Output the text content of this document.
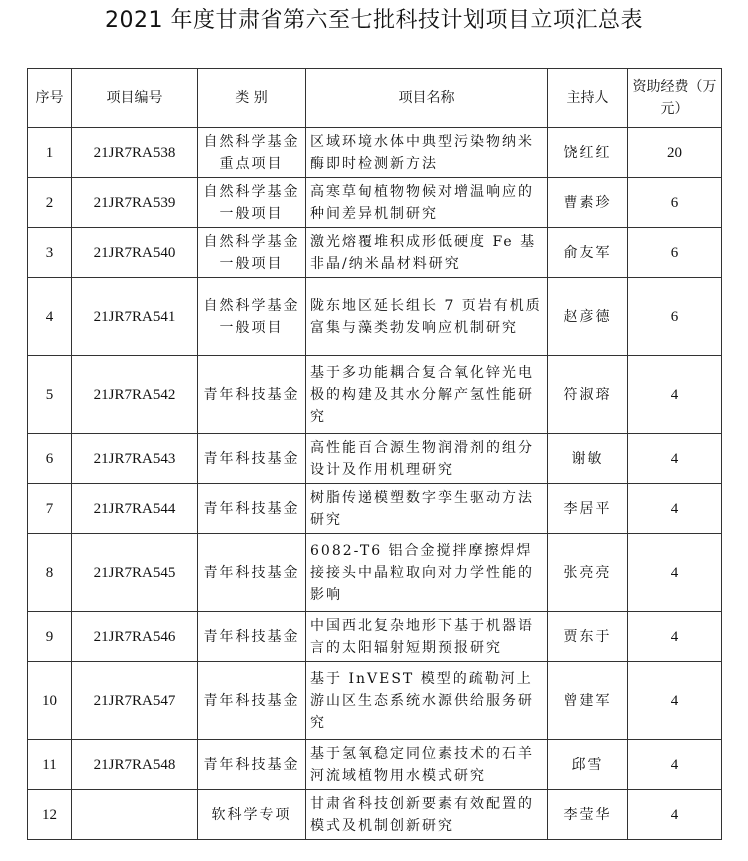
2021 年度甘肃省第六至七批科技计划项目立项汇总表
序号	项目编号	类 别	项目名称	主持人	资助经费（万元）
1	21JR7RA538	自然科学基金重点项目	区域环境水体中典型污染物纳米酶即时检测新方法	饶红红	20
2	21JR7RA539	自然科学基金一般项目	高寒草甸植物物候对增温响应的种间差异机制研究	曹素珍	6
3	21JR7RA540	自然科学基金一般项目	激光熔覆堆积成形低硬度 Fe 基非晶/纳米晶材料研究	俞友军	6
4	21JR7RA541	自然科学基金一般项目	陇东地区延长组长 7 页岩有机质富集与藻类勃发响应机制研究	赵彦德	6
5	21JR7RA542	青年科技基金	基于多功能耦合复合氧化锌光电极的构建及其水分解产氢性能研究	符淑瑢	4
6	21JR7RA543	青年科技基金	高性能百合源生物润滑剂的组分设计及作用机理研究	谢敏	4
7	21JR7RA544	青年科技基金	树脂传递模塑数字孪生驱动方法研究	李居平	4
8	21JR7RA545	青年科技基金	6082-T6 铝合金搅拌摩擦焊焊接接头中晶粒取向对力学性能的影响	张亮亮	4
9	21JR7RA546	青年科技基金	中国西北复杂地形下基于机器语言的太阳辐射短期预报研究	贾东于	4
10	21JR7RA547	青年科技基金	基于 InVEST 模型的疏勒河上游山区生态系统水源供给服务研究	曾建军	4
11	21JR7RA548	青年科技基金	基于氢氧稳定同位素技术的石羊河流域植物用水模式研究	邱雪	4
12		软科学专项	甘肃省科技创新要素有效配置的模式及机制创新研究	李莹华	4
